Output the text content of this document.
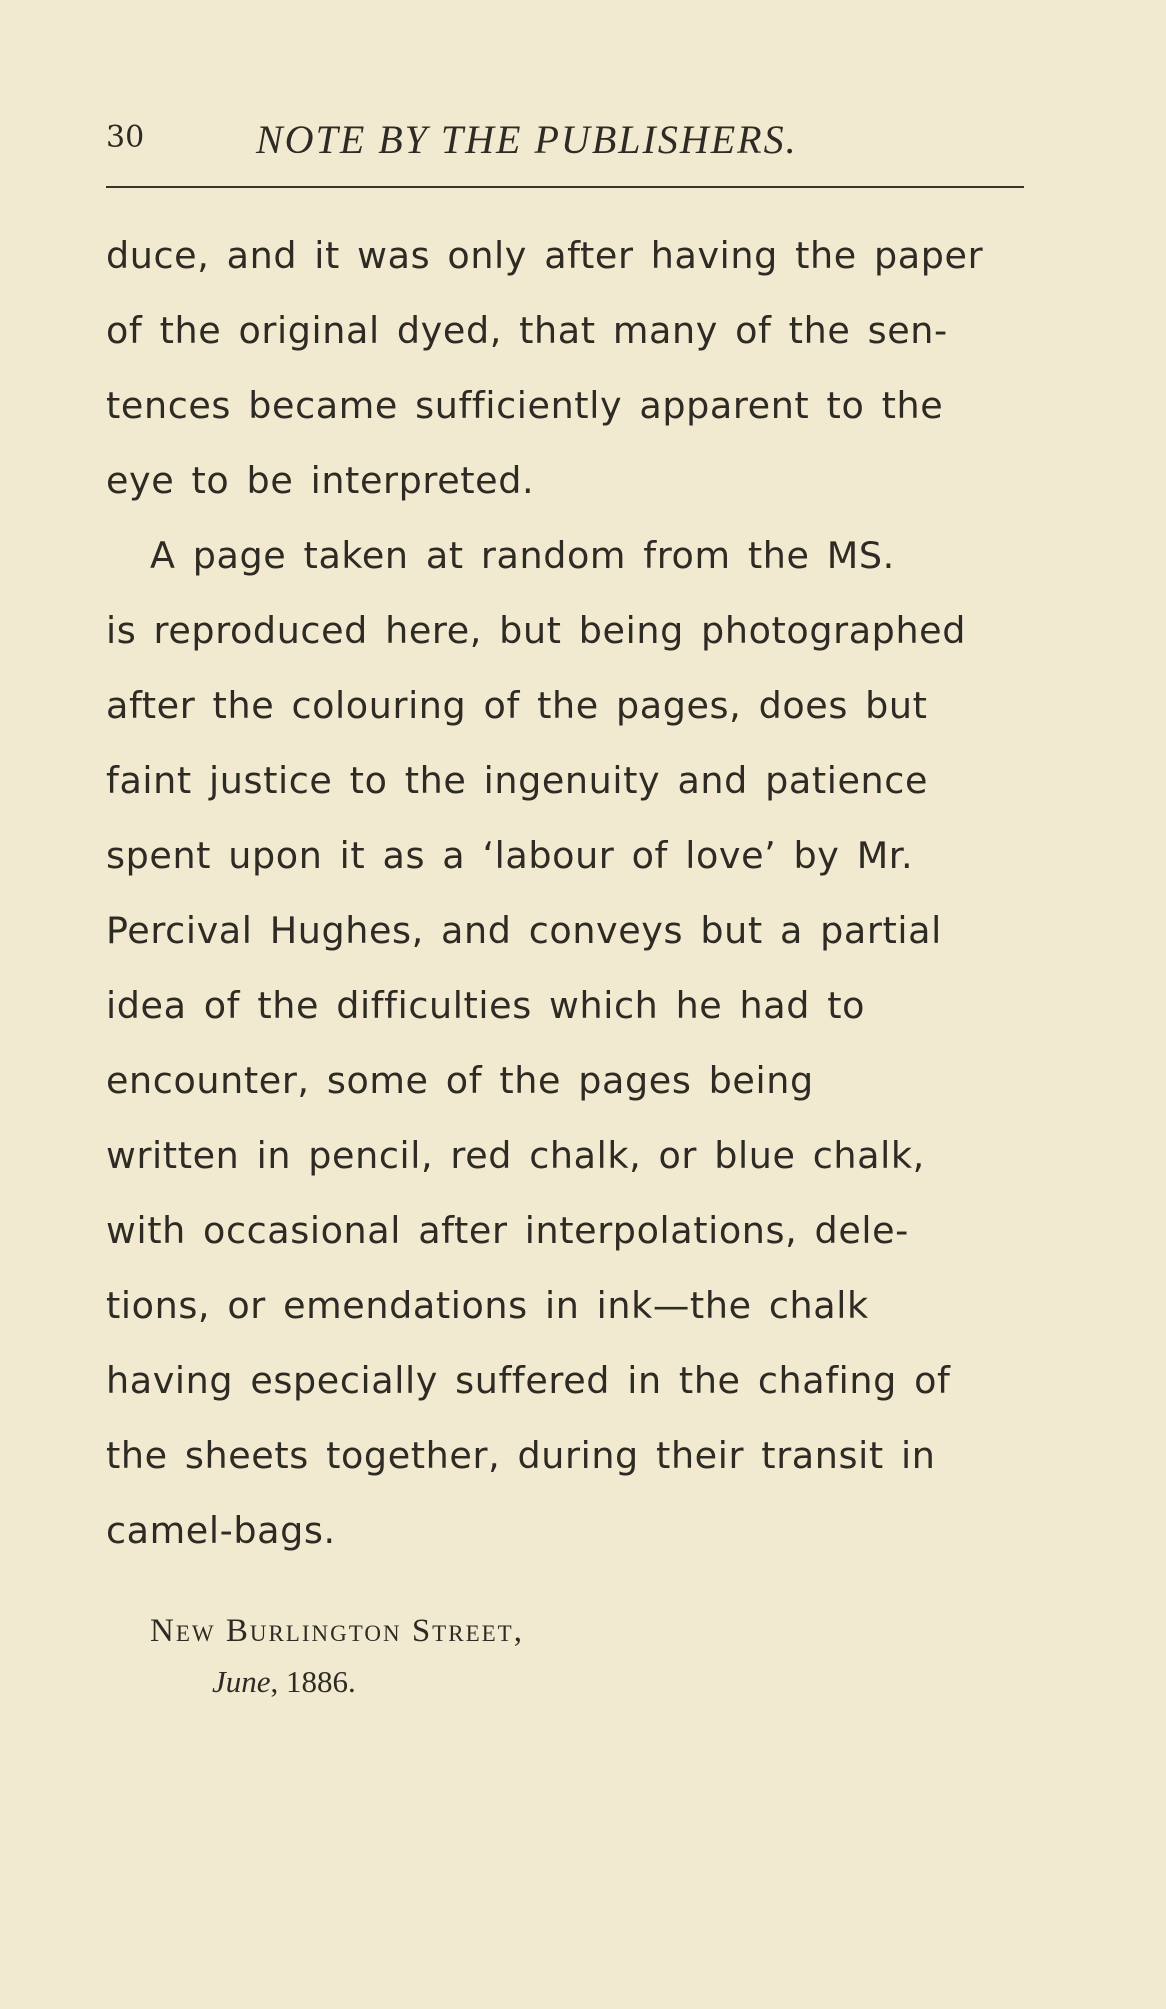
30	NOTE BY THE PUBLISHERS.
duce, and it was only after having the paper
of the original dyed, that many of the sen-
tences became sufficiently apparent to the
eye to be interpreted.
A page taken at random from the MS.
is reproduced here, but being photographed
after the colouring of the pages, does but
faint justice to the ingenuity and patience
spent upon it as a ‘labour of love’ by Mr.
Percival Hughes, and conveys but a partial
idea of the difficulties which he had to
encounter, some of the pages being
written in pencil, red chalk, or blue chalk,
with occasional after interpolations, dele-
tions, or emendations in ink—the chalk
having especially suffered in the chafing of
the sheets together, during their transit in
camel-bags.
New Burlington Street,
June, 1886.
